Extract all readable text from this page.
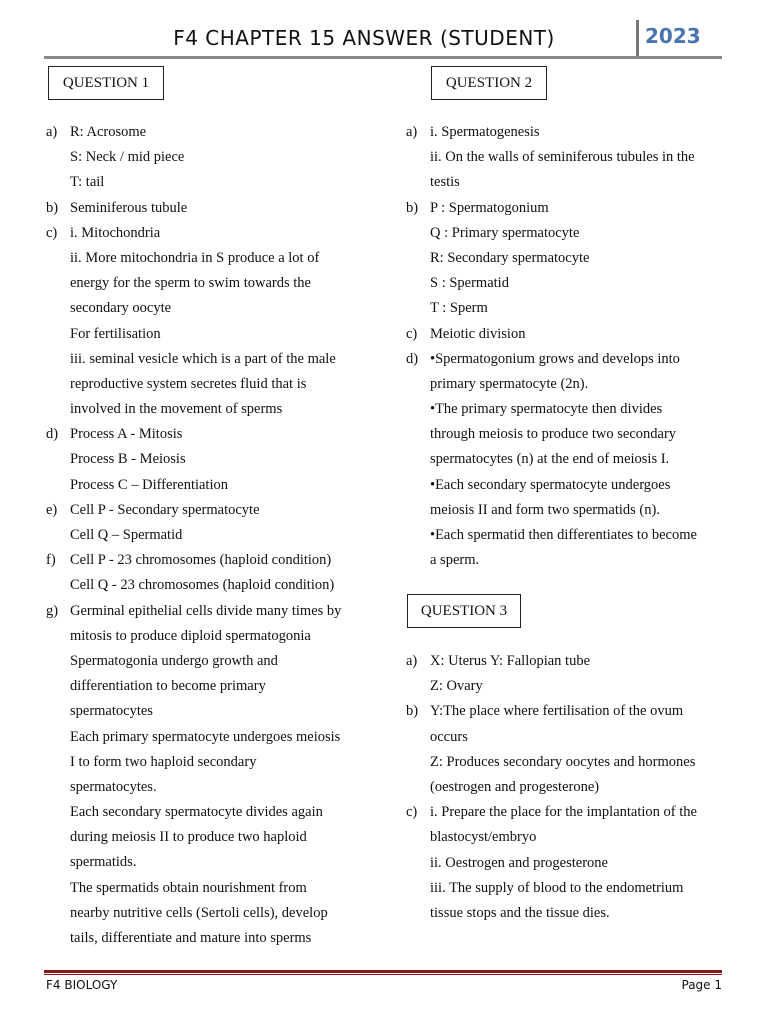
F4 CHAPTER 15 ANSWER (STUDENT)	2023
QUESTION 1	QUESTION 2
a) R: Acrosome
S: Neck / mid piece
T: tail
b) Seminiferous tubule
c) i. Mitochondria
ii. More mitochondria in S produce a lot of
energy for the sperm to swim towards the
secondary oocyte
For fertilisation
iii. seminal vesicle which is a part of the male
reproductive system secretes fluid that is
involved in the movement of sperms
d) Process A - Mitosis
Process B - Meiosis
Process C – Differentiation
e) Cell P - Secondary spermatocyte
Cell Q – Spermatid
f) Cell P - 23 chromosomes (haploid condition)
Cell Q - 23 chromosomes (haploid condition)
g) Germinal epithelial cells divide many times by
mitosis to produce diploid spermatogonia
Spermatogonia undergo growth and
differentiation to become primary
spermatocytes
Each primary spermatocyte undergoes meiosis
I to form two haploid secondary
spermatocytes.
Each secondary spermatocyte divides again
during meiosis II to produce two haploid
spermatids.
The spermatids obtain nourishment from
nearby nutritive cells (Sertoli cells), develop
tails, differentiate and mature into sperms
a) i. Spermatogenesis
ii. On the walls of seminiferous tubules in the
testis
b) P : Spermatogonium
Q : Primary spermatocyte
R: Secondary spermatocyte
S : Spermatid
T : Sperm
c) Meiotic division
d) •Spermatogonium grows and develops into
primary spermatocyte (2n).
•The primary spermatocyte then divides
through meiosis to produce two secondary
spermatocytes (n) at the end of meiosis I.
•Each secondary spermatocyte undergoes
meiosis II and form two spermatids (n).
•Each spermatid then differentiates to become
a sperm.
QUESTION 3
a) X: Uterus Y: Fallopian tube
Z: Ovary
b) Y:The place where fertilisation of the ovum
occurs
Z: Produces secondary oocytes and hormones
(oestrogen and progesterone)
c) i. Prepare the place for the implantation of the
blastocyst/embryo
ii. Oestrogen and progesterone
iii. The supply of blood to the endometrium
tissue stops and the tissue dies.
F4 BIOLOGY	Page 1
